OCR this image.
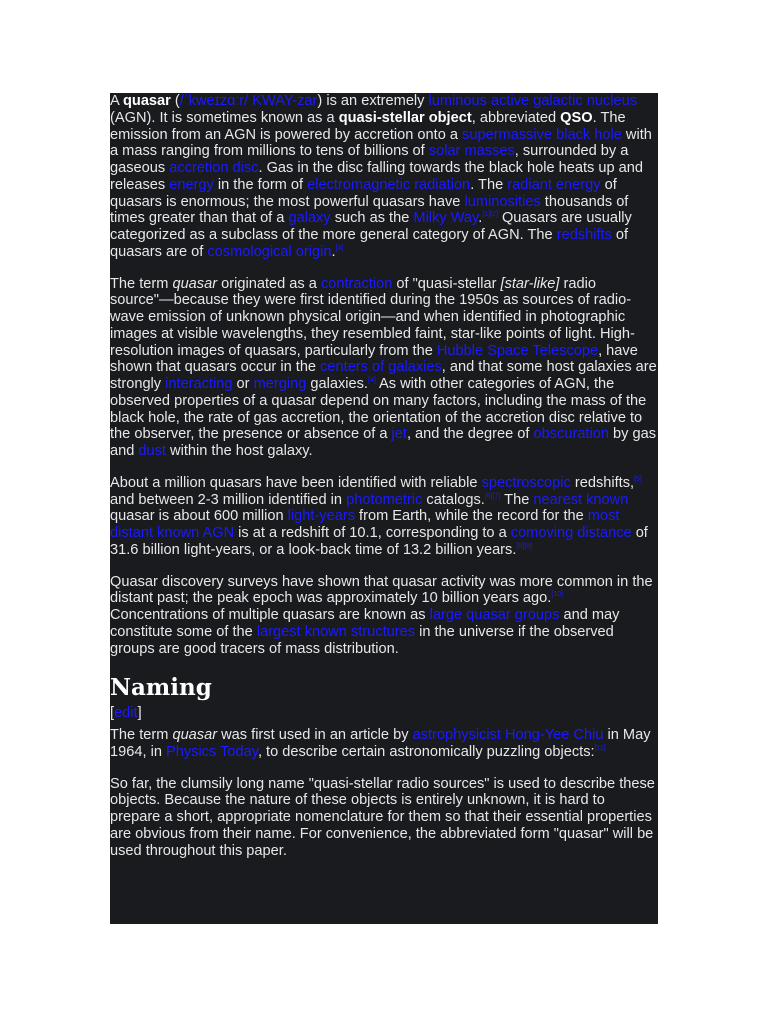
A quasar (/ˈkweɪzɑːr/ KWAY-zar) is an extremely luminous active galactic nucleus (AGN). It is sometimes known as a quasi-stellar object, abbreviated QSO. The emission from an AGN is powered by accretion onto a supermassive black hole with a mass ranging from millions to tens of billions of solar masses, surrounded by a gaseous accretion disc. Gas in the disc falling towards the black hole heats up and releases energy in the form of electromagnetic radiation. The radiant energy of quasars is enormous; the most powerful quasars have luminosities thousands of times greater than that of a galaxy such as the Milky Way.[1][2] Quasars are usually categorized as a subclass of the more general category of AGN. The redshifts of quasars are of cosmological origin.[3]

The term quasar originated as a contraction of "quasi-stellar [star-like] radio source"—because they were first identified during the 1950s as sources of radio-wave emission of unknown physical origin—and when identified in photographic images at visible wavelengths, they resembled faint, star-like points of light. High-resolution images of quasars, particularly from the Hubble Space Telescope, have shown that quasars occur in the centers of galaxies, and that some host galaxies are strongly interacting or merging galaxies.[4] As with other categories of AGN, the observed properties of a quasar depend on many factors, including the mass of the black hole, the rate of gas accretion, the orientation of the accretion disc relative to the observer, the presence or absence of a jet, and the degree of obscuration by gas and dust within the host galaxy.

About a million quasars have been identified with reliable spectroscopic redshifts,[5] and between 2-3 million identified in photometric catalogs.[6][7] The nearest known quasar is about 600 million light-years from Earth, while the record for the most distant known AGN is at a redshift of 10.1, corresponding to a comoving distance of 31.6 billion light-years, or a look-back time of 13.2 billion years.[8][9]

Quasar discovery surveys have shown that quasar activity was more common in the distant past; the peak epoch was approximately 10 billion years ago.[10] Concentrations of multiple quasars are known as large quasar groups and may constitute some of the largest known structures in the universe if the observed groups are good tracers of mass distribution.

Naming
[edit]

The term quasar was first used in an article by astrophysicist Hong-Yee Chiu in May 1964, in Physics Today, to describe certain astronomically puzzling objects:[11]

So far, the clumsily long name "quasi-stellar radio sources" is used to describe these objects. Because the nature of these objects is entirely unknown, it is hard to prepare a short, appropriate nomenclature for them so that their essential properties are obvious from their name. For convenience, the abbreviated form "quasar" will be used throughout this paper.
